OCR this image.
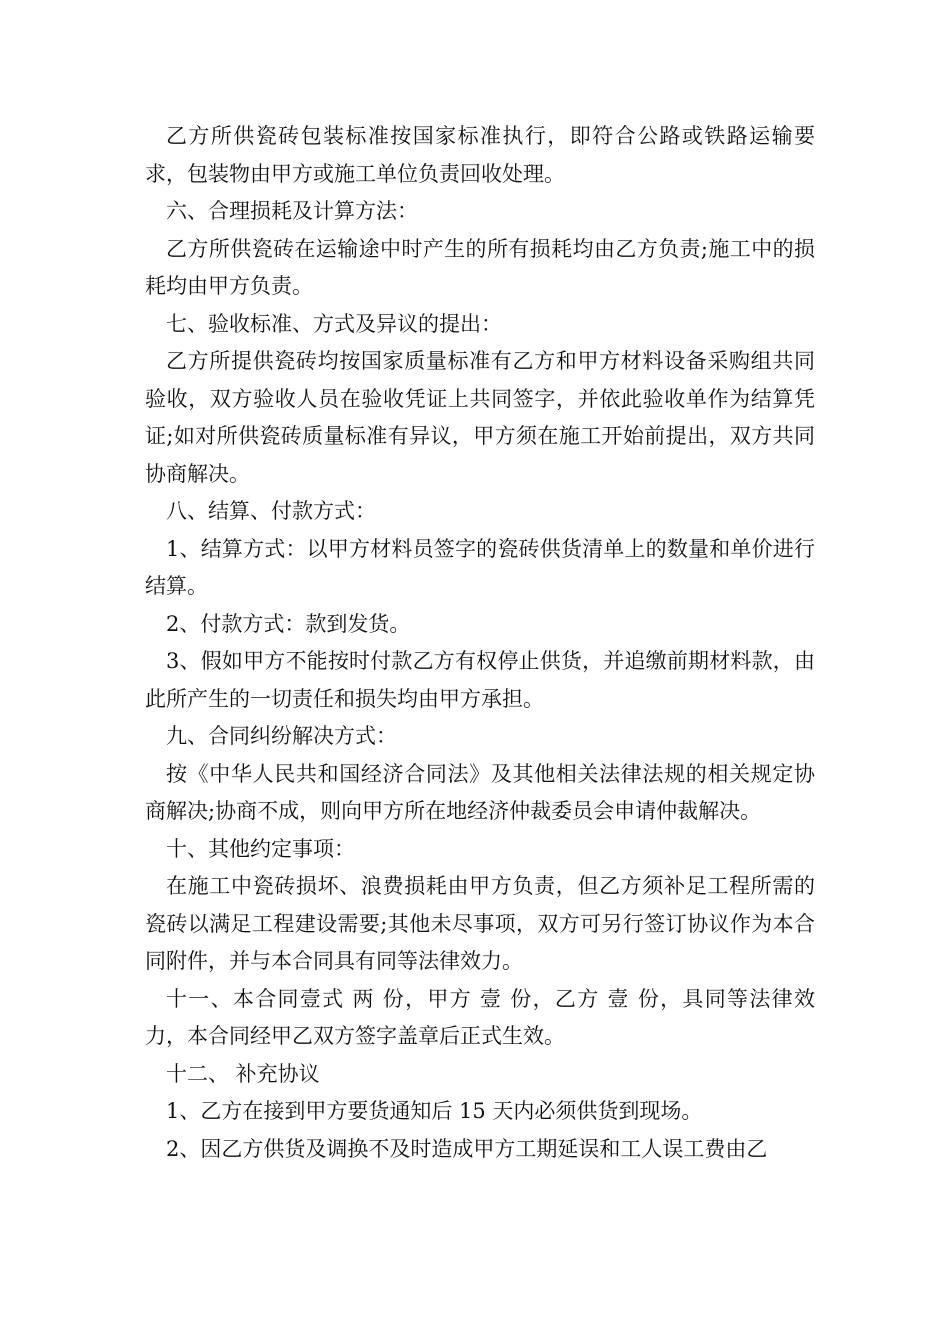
乙方所供瓷砖包装标准按国家标准执行，即符合公路或铁路运输要求，包装物由甲方或施工单位负责回收处理。

六、合理损耗及计算方法：

乙方所供瓷砖在运输途中时产生的所有损耗均由乙方负责;施工中的损耗均由甲方负责。

七、验收标准、方式及异议的提出：

乙方所提供瓷砖均按国家质量标准有乙方和甲方材料设备采购组共同验收，双方验收人员在验收凭证上共同签字，并依此验收单作为结算凭证;如对所供瓷砖质量标准有异议，甲方须在施工开始前提出，双方共同协商解决。

八、结算、付款方式：

1、结算方式：以甲方材料员签字的瓷砖供货清单上的数量和单价进行结算。

2、付款方式：款到发货。

3、假如甲方不能按时付款乙方有权停止供货，并追缴前期材料款，由此所产生的一切责任和损失均由甲方承担。

九、合同纠纷解决方式：

按《中华人民共和国经济合同法》及其他相关法律法规的相关规定协商解决;协商不成，则向甲方所在地经济仲裁委员会申请仲裁解决。

十、其他约定事项：

在施工中瓷砖损坏、浪费损耗由甲方负责，但乙方须补足工程所需的瓷砖以满足工程建设需要;其他未尽事项，双方可另行签订协议作为本合同附件，并与本合同具有同等法律效力。

十一、本合同壹式 两 份，甲方 壹 份，乙方 壹 份，具同等法律效力，本合同经甲乙双方签字盖章后正式生效。

十二、 补充协议

1、乙方在接到甲方要货通知后 15 天内必须供货到现场。

2、因乙方供货及调换不及时造成甲方工期延误和工人误工费由乙
